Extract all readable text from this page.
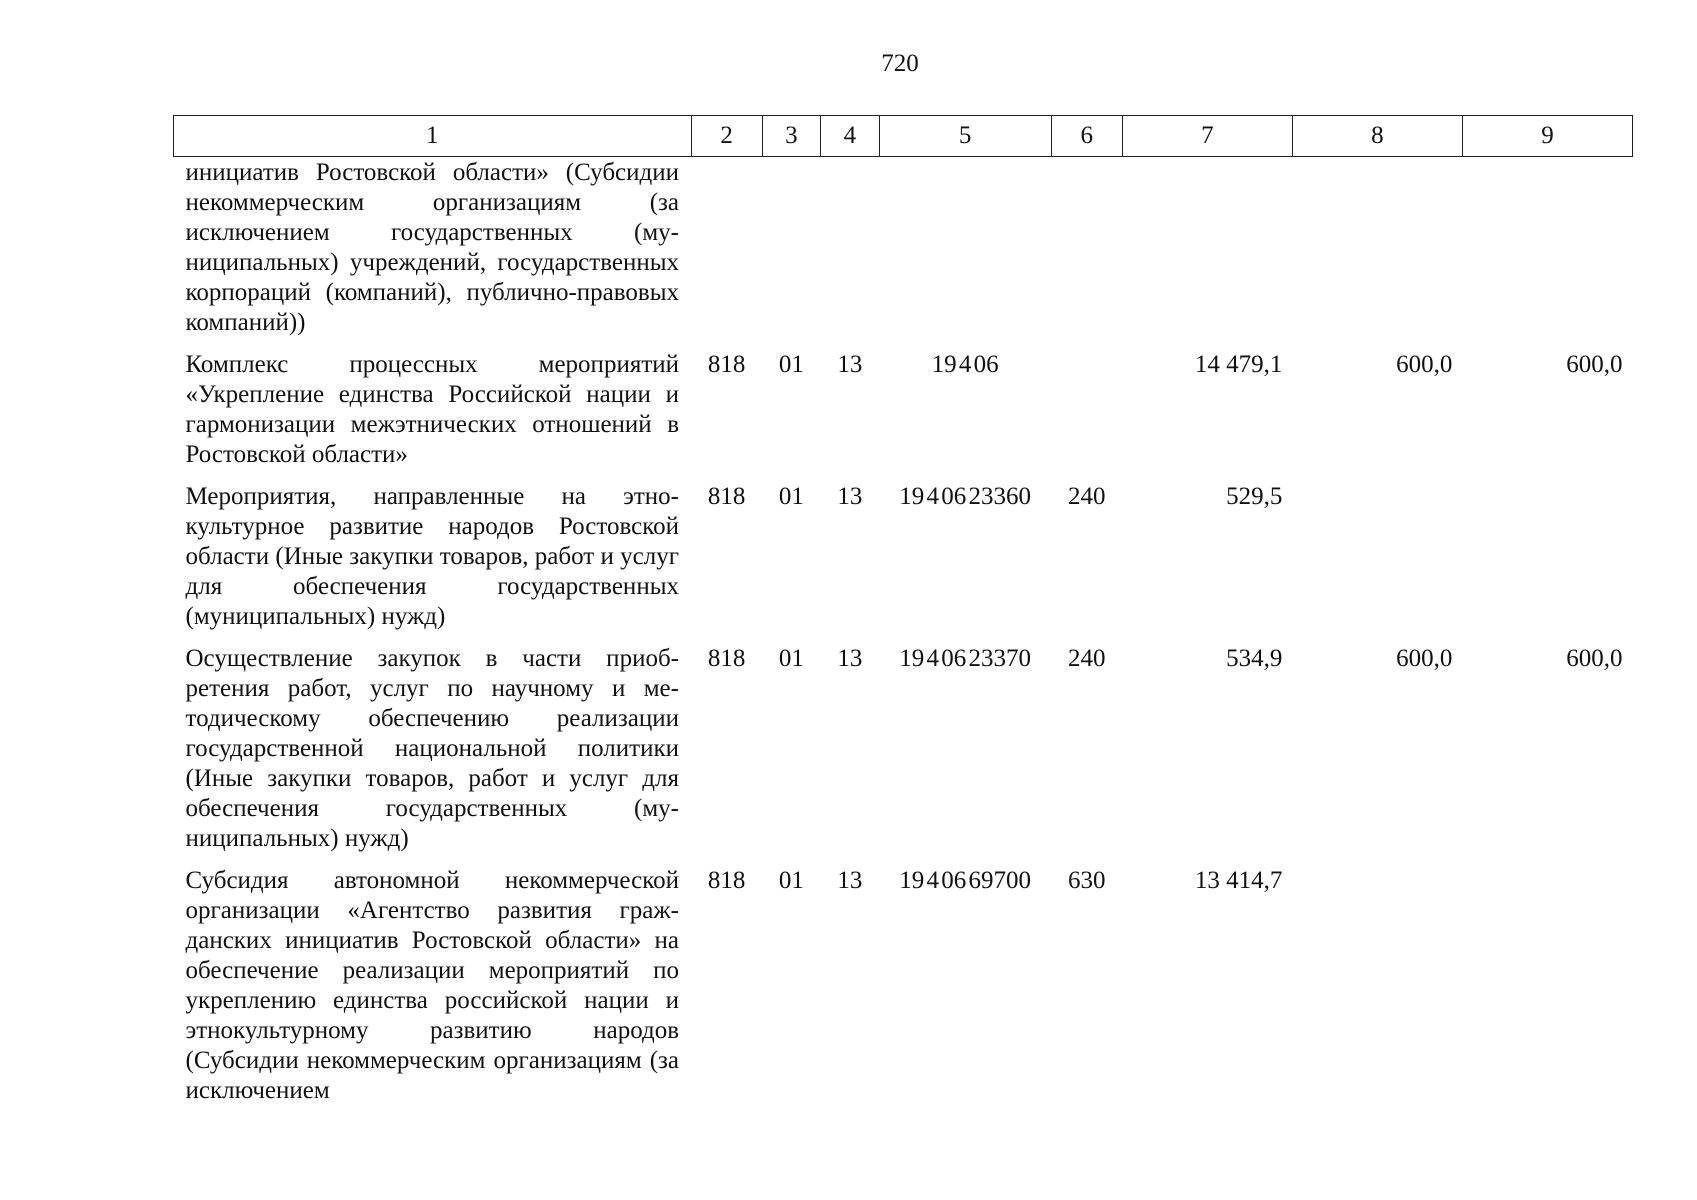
720
1	2	3	4	5	6	7	8	9
инициатив Ростовской области» (Субсидии некоммерческим организациям (за исключением государственных (муниципальных) учреждений, государственных корпораций (компаний), публично-правовых компаний))								
Комплекс процессных мероприятий «Укрепление единства Российской нации и гармонизации межэтнических отношений в Ростовской области»	818	01	13	19 4 06		14 479,1	600,0	600,0
Мероприятия, направленные на этнокультурное развитие народов Ростовской области (Иные закупки товаров, работ и услуг для обеспечения государственных (муниципальных) нужд)	818	01	13	19 4 06 23360	240	529,5		
Осуществление закупок в части приобретения работ, услуг по научному и методическому обеспечению реализации государственной национальной политики (Иные закупки товаров, работ и услуг для обеспечения государственных (муниципальных) нужд)	818	01	13	19 4 06 23370	240	534,9	600,0	600,0
Субсидия автономной некоммерческой организации «Агентство развития гражданских инициатив Ростовской области» на обеспечение реализации мероприятий по укреплению единства российской нации и этнокультурному развитию народов (Субсидии некоммерческим организациям (за исключением	818	01	13	19 4 06 69700	630	13 414,7		
